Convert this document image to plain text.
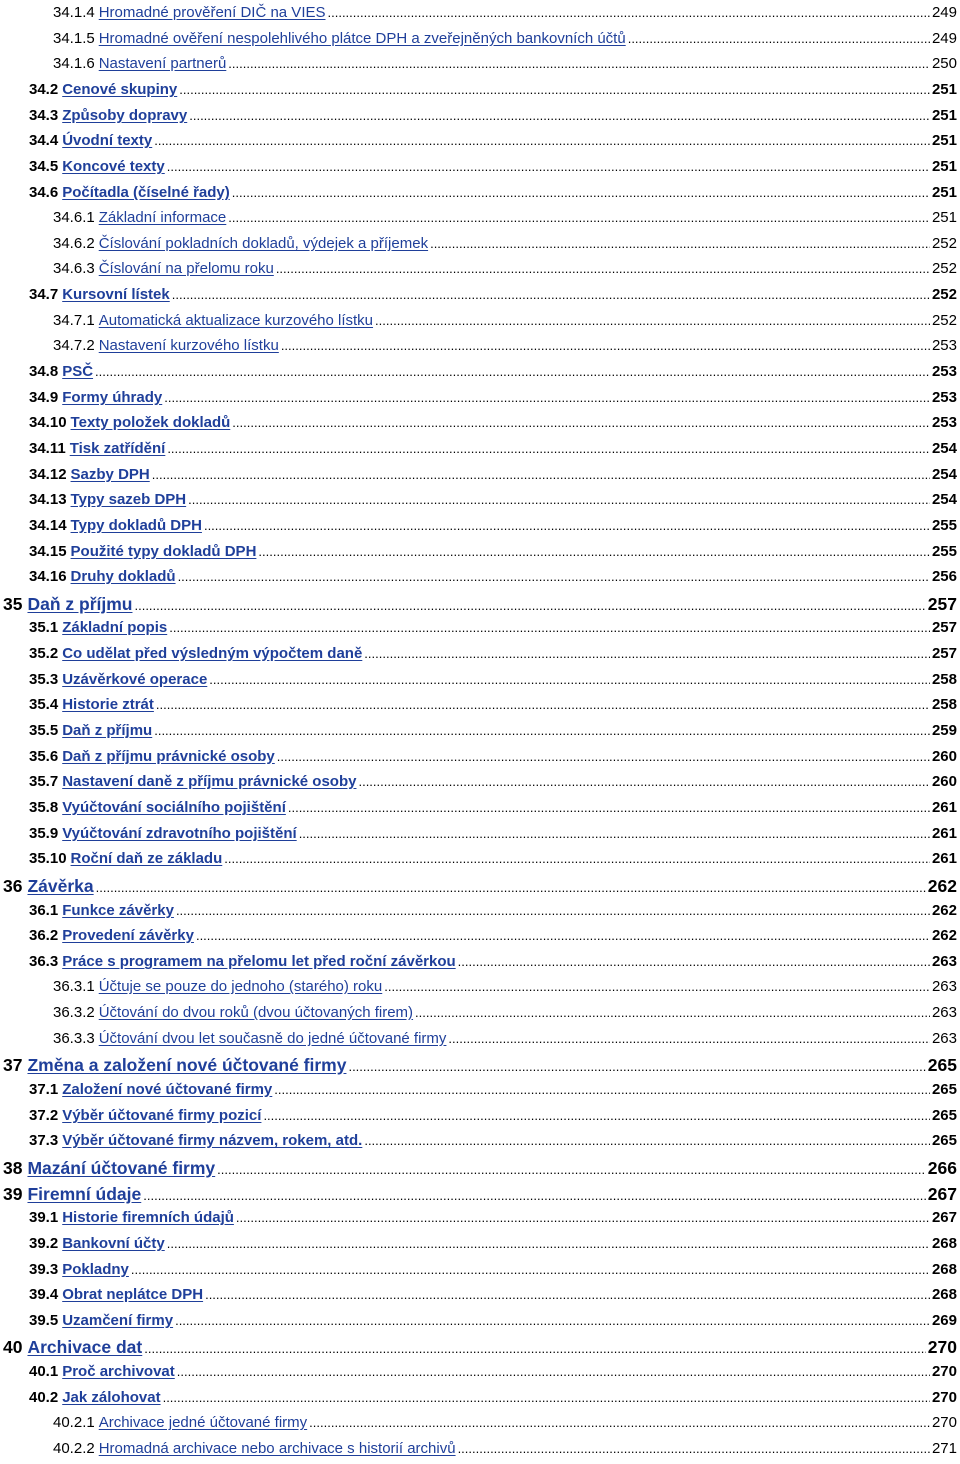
34.1.4 Hromadné prověření DIČ na VIES .....	249
34.1.5 Hromadné ověření nespolehlivého plátce DPH a zveřejněných bankovních účtů .....	249
34.1.6 Nastavení partnerů .....	250
34.2 Cenové skupiny .....	251
34.3 Způsoby dopravy .....	251
34.4 Úvodní texty .....	251
34.5 Koncové texty .....	251
34.6 Počítadla (číselné řady) .....	251
34.6.1 Základní informace .....	251
34.6.2 Číslování pokladních dokladů, výdejek a příjemek .....	252
34.6.3 Číslování na přelomu roku .....	252
34.7 Kursovní lístek .....	252
34.7.1 Automatická aktualizace kurzového lístku .....	252
34.7.2 Nastavení kurzového lístku .....	253
34.8 PSČ .....	253
34.9 Formy úhrady .....	253
34.10 Texty položek dokladů .....	253
34.11 Tisk zatřídění .....	254
34.12 Sazby DPH .....	254
34.13 Typy sazeb DPH .....	254
34.14 Typy dokladů DPH .....	255
34.15 Použité typy dokladů DPH .....	255
34.16 Druhy dokladů .....	256
35 Daň z příjmu .....	257
35.1 Základní popis .....	257
35.2 Co udělat před výsledným výpočtem daně .....	257
35.3 Uzávěrkové operace .....	258
35.4 Historie ztrát .....	258
35.5 Daň z příjmu .....	259
35.6 Daň z příjmu právnické osoby .....	260
35.7 Nastavení daně z příjmu právnické osoby .....	260
35.8 Vyúčtování sociálního pojištění .....	261
35.9 Vyúčtování zdravotního pojištění .....	261
35.10 Roční daň ze základu .....	261
36 Závěrka .....	262
36.1 Funkce závěrky .....	262
36.2 Provedení závěrky .....	262
36.3 Práce s programem na přelomu let před roční závěrkou .....	263
36.3.1 Účtuje se pouze do jednoho (starého) roku .....	263
36.3.2 Účtování do dvou roků (dvou účtovaných firem) .....	263
36.3.3 Účtování dvou let současně do jedné účtované firmy .....	263
37 Změna a založení nové účtované firmy .....	265
37.1 Založení nové účtované firmy .....	265
37.2 Výběr účtované firmy pozicí .....	265
37.3 Výběr účtované firmy názvem, rokem, atd. .....	265
38 Mazání účtované firmy .....	266
39 Firemní údaje .....	267
39.1 Historie firemních údajů .....	267
39.2 Bankovní účty .....	268
39.3 Pokladny .....	268
39.4 Obrat neplátce DPH .....	268
39.5 Uzamčení firmy .....	269
40 Archivace dat .....	270
40.1 Proč archivovat .....	270
40.2 Jak zálohovat .....	270
40.2.1 Archivace jedné účtované firmy .....	270
40.2.2 Hromadná archivace nebo archivace s historií archivů .....	271
